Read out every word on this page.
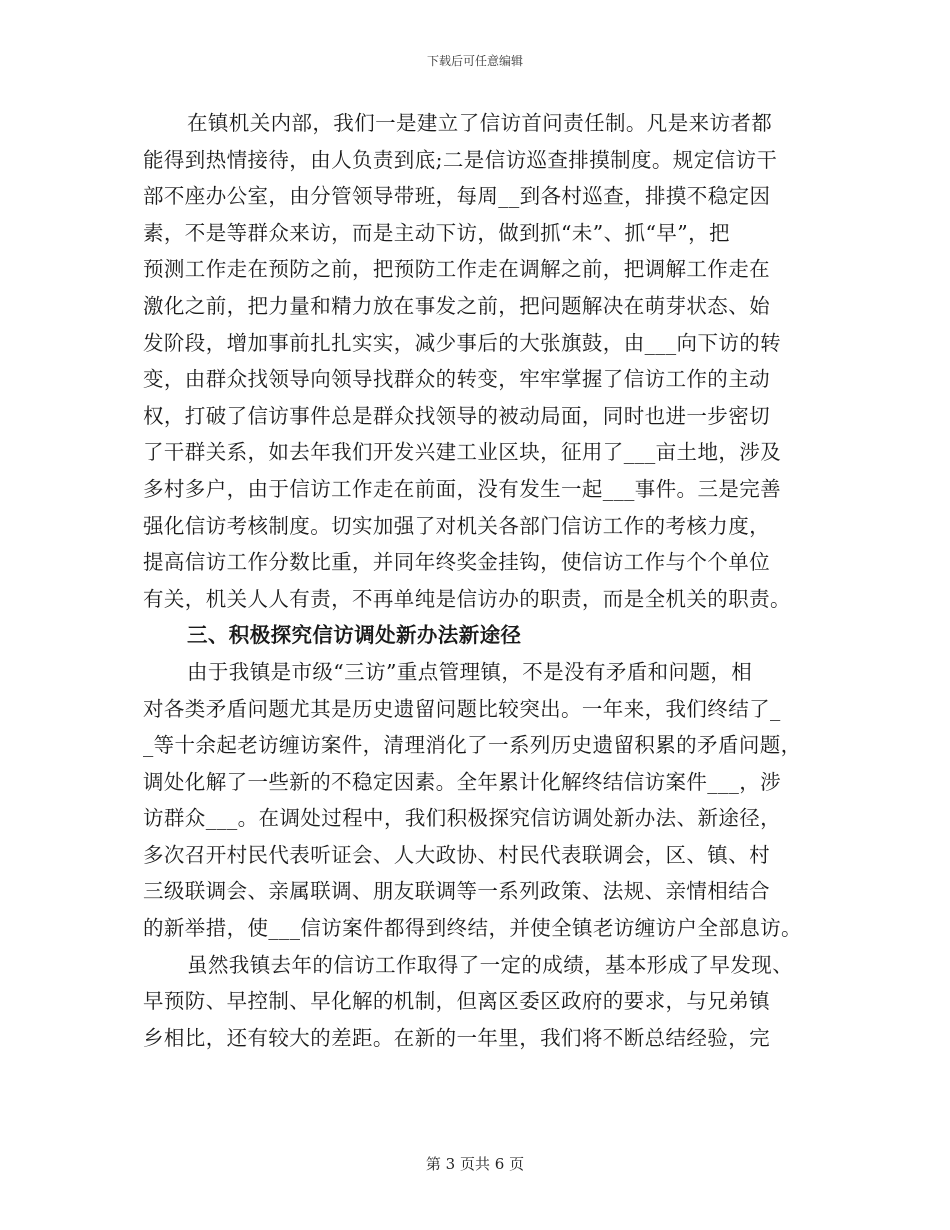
下载后可任意编辑
在镇机关内部，我们一是建立了信访首问责任制。凡是来访者都
能得到热情接待，由人负责到底;二是信访巡查排摸制度。规定信访干
部不座办公室，由分管领导带班，每周__到各村巡查，排摸不稳定因
素，不是等群众来访，而是主动下访，做到抓“未”、抓“早”，把
预测工作走在预防之前，把预防工作走在调解之前，把调解工作走在
激化之前，把力量和精力放在事发之前，把问题解决在萌芽状态、始
发阶段，增加事前扎扎实实，减少事后的大张旗鼓，由___向下访的转
变，由群众找领导向领导找群众的转变，牢牢掌握了信访工作的主动
权，打破了信访事件总是群众找领导的被动局面，同时也进一步密切
了干群关系，如去年我们开发兴建工业区块，征用了___亩土地，涉及
多村多户，由于信访工作走在前面，没有发生一起___事件。三是完善
强化信访考核制度。切实加强了对机关各部门信访工作的考核力度，
提高信访工作分数比重，并同年终奖金挂钩，使信访工作与个个单位
有关，机关人人有责，不再单纯是信访办的职责，而是全机关的职责。
三、积极探究信访调处新办法新途径
由于我镇是市级“三访”重点管理镇，不是没有矛盾和问题，相
对各类矛盾问题尤其是历史遗留问题比较突出。一年来，我们终结了_
_等十余起老访缠访案件，清理消化了一系列历史遗留积累的矛盾问题，
调处化解了一些新的不稳定因素。全年累计化解终结信访案件___，涉
访群众___。在调处过程中，我们积极探究信访调处新办法、新途径，
多次召开村民代表听证会、人大政协、村民代表联调会，区、镇、村
三级联调会、亲属联调、朋友联调等一系列政策、法规、亲情相结合
的新举措，使___信访案件都得到终结，并使全镇老访缠访户全部息访。
虽然我镇去年的信访工作取得了一定的成绩，基本形成了早发现、
早预防、早控制、早化解的机制，但离区委区政府的要求，与兄弟镇
乡相比，还有较大的差距。在新的一年里，我们将不断总结经验，完
第 3 页共 6 页
